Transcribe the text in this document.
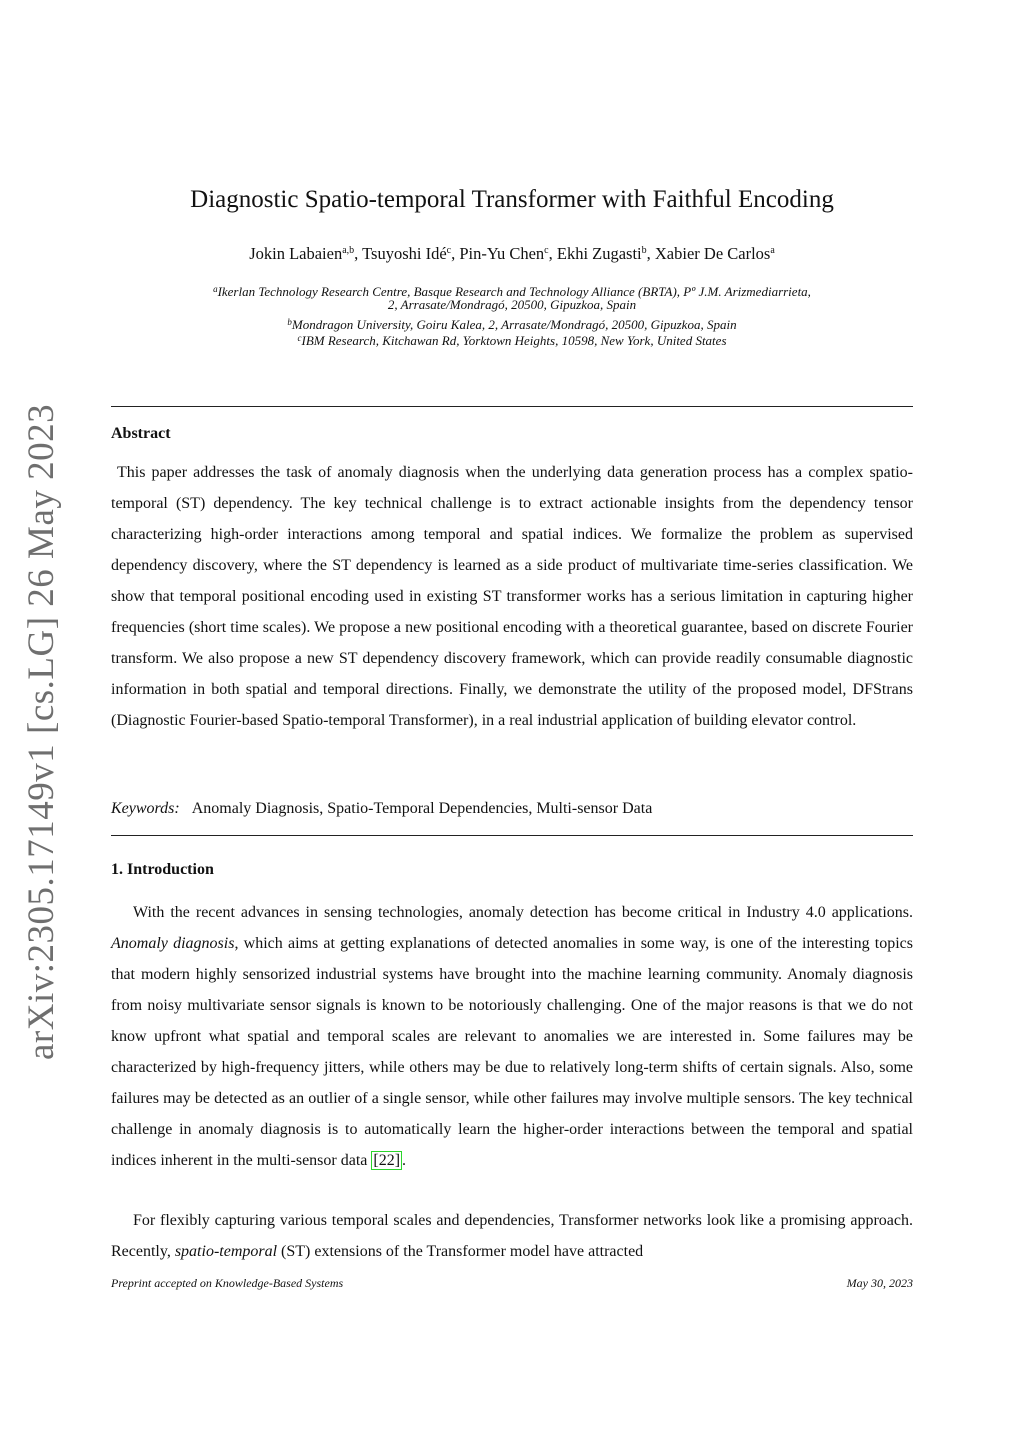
arXiv:2305.17149v1 [cs.LG] 26 May 2023
Diagnostic Spatio-temporal Transformer with Faithful Encoding
Jokin Labaien$^{a,b}$, Tsuyoshi Idé$^c$, Pin-Yu Chen$^c$, Ekhi Zugasti$^b$, Xabier De Carlos$^a$
$^a$Ikerlan Technology Research Centre, Basque Research and Technology Alliance (BRTA), Pº J.M. Arizmediarrieta,
2, Arrasate/Mondragó, 20500, Gipuzkoa, Spain
$^b$Mondragon University, Goiru Kalea, 2, Arrasate/Mondragó, 20500, Gipuzkoa, Spain
$^c$IBM Research, Kitchawan Rd, Yorktown Heights, 10598, New York, United States
Abstract
This paper addresses the task of anomaly diagnosis when the underlying data generation process has a complex spatio-temporal (ST) dependency. The key technical challenge is to extract actionable insights from the dependency tensor characterizing high-order interactions among temporal and spatial indices. We formalize the problem as supervised dependency discovery, where the ST dependency is learned as a side product of multivariate time-series classification. We show that temporal positional encoding used in existing ST transformer works has a serious limitation in capturing higher frequencies (short time scales). We propose a new positional encoding with a theoretical guarantee, based on discrete Fourier transform. We also propose a new ST dependency discovery framework, which can provide readily consumable diagnostic information in both spatial and temporal directions. Finally, we demonstrate the utility of the proposed model, DFStrans (Diagnostic Fourier-based Spatio-temporal Transformer), in a real industrial application of building elevator control.
Keywords: Anomaly Diagnosis, Spatio-Temporal Dependencies, Multi-sensor Data
1. Introduction
With the recent advances in sensing technologies, anomaly detection has become critical in Industry 4.0 applications. Anomaly diagnosis, which aims at getting explanations of detected anomalies in some way, is one of the interesting topics that modern highly sensorized industrial systems have brought into the machine learning community. Anomaly diagnosis from noisy multivariate sensor signals is known to be notoriously challenging. One of the major reasons is that we do not know upfront what spatial and temporal scales are relevant to anomalies we are interested in. Some failures may be characterized by high-frequency jitters, while others may be due to relatively long-term shifts of certain signals. Also, some failures may be detected as an outlier of a single sensor, while other failures may involve multiple sensors. The key technical challenge in anomaly diagnosis is to automatically learn the higher-order interactions between the temporal and spatial indices inherent in the multi-sensor data [22] .
For flexibly capturing various temporal scales and dependencies, Transformer networks look like a promising approach. Recently, spatio-temporal (ST) extensions of the Transformer model have attracted
Preprint accepted on Knowledge-Based Systems	May 30, 2023
